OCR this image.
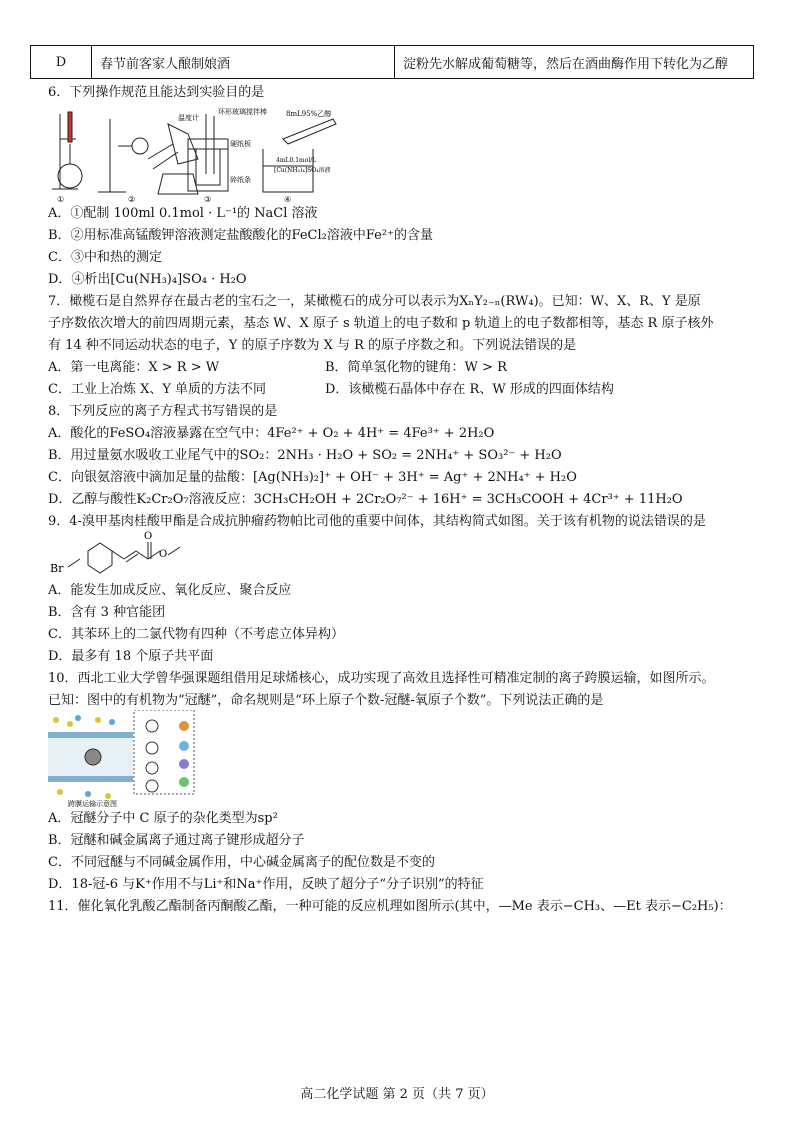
D	春节前客家人酿制娘酒	淀粉先水解成葡萄糖等，然后在酒曲酶作用下转化为乙醇
6．下列操作规范且能达到实验目的是
①	②	③	④
温度计
环形玻璃搅拌棒
硬纸板
碎纸条
8mL95%乙醇
4mL0.1mol/L
[Cu(NH₃)₄]SO₄溶液
A．①配制 100ml 0.1mol · L⁻¹的 NaCl 溶液
B．②用标准高锰酸钾溶液测定盐酸酸化的FeCl₂溶液中Fe²⁺的含量
C．③中和热的测定
D．④析出[Cu(NH₃)₄]SO₄ · H₂O
7．橄榄石是自然界存在最古老的宝石之一，某橄榄石的成分可以表示为XₙY₂₋ₙ(RW₄)。已知：W、X、R、Y 是原
子序数依次增大的前四周期元素，基态 W、X 原子 s 轨道上的电子数和 p 轨道上的电子数都相等，基态 R 原子核外
有 14 种不同运动状态的电子，Y 的原子序数为 X 与 R 的原子序数之和。下列说法错误的是
A．第一电离能：X > R > W	B．简单氢化物的键角：W > R
C．工业上冶炼 X、Y 单质的方法不同	D．该橄榄石晶体中存在 R、W 形成的四面体结构
8．下列反应的离子方程式书写错误的是
A．酸化的FeSO₄溶液暴露在空气中：4Fe²⁺ + O₂ + 4H⁺ = 4Fe³⁺ + 2H₂O
B．用过量氨水吸收工业尾气中的SO₂：2NH₃ · H₂O + SO₂ = 2NH₄⁺ + SO₃²⁻ + H₂O
C．向银氨溶液中滴加足量的盐酸：[Ag(NH₃)₂]⁺ + OH⁻ + 3H⁺ = Ag⁺ + 2NH₄⁺ + H₂O
D．乙醇与酸性K₂Cr₂O₇溶液反应：3CH₃CH₂OH + 2Cr₂O₇²⁻ + 16H⁺ = 3CH₃COOH + 4Cr³⁺ + 11H₂O
9．4-溴甲基肉桂酸甲酯是合成抗肿瘤药物帕比司他的重要中间体，其结构简式如图。关于该有机物的说法错误的是
Br
O
O
A．能发生加成反应、氧化反应、聚合反应
B．含有 3 种官能团
C．其苯环上的二氯代物有四种（不考虑立体异构）
D．最多有 18 个原子共平面
10．西北工业大学曾华强课题组借用足球烯核心，成功实现了高效且选择性可精准定制的离子跨膜运输，如图所示。
已知：图中的有机物为“冠醚”，命名规则是“环上原子个数-冠醚-氧原子个数”。下列说法正确的是
跨膜运输示意图
A．冠醚分子中 C 原子的杂化类型为sp²
B．冠醚和碱金属离子通过离子键形成超分子
C．不同冠醚与不同碱金属作用，中心碱金属离子的配位数是不变的
D．18-冠-6 与K⁺作用不与Li⁺和Na⁺作用，反映了超分子“分子识别”的特征
11．催化氧化乳酸乙酯制备丙酮酸乙酯，一种可能的反应机理如图所示(其中，—Me 表示−CH₃、—Et 表示−C₂H₅)：
高二化学试题 第 2 页（共 7 页）
